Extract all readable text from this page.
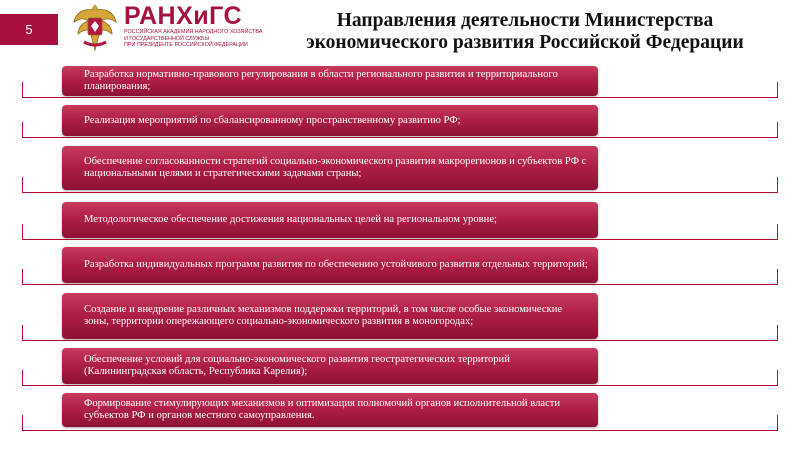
5	РАНХиГС
РОССИЙСКАЯ АКАДЕМИЯ НАРОДНОГО ХОЗЯЙСТВА
И ГОСУДАРСТВЕННОЙ СЛУЖБЫ
ПРИ ПРЕЗИДЕНТЕ РОССИЙСКОЙ ФЕДЕРАЦИИ
Направления деятельности Министерства
экономического развития Российской Федерации
Разработка нормативно-правового регулирования в области регионального развития и территориального планирования;
Реализация мероприятий по сбалансированному пространственному развитию РФ;
Обеспечение согласованности стратегий социально-экономического развития макрорегионов и субъектов РФ с национальными целями и стратегическими задачами страны;
Методологическое обеспечение достижения национальных целей на региональном уровне;
Разработка индивидуальных программ развития по обеспечению устойчивого развития отдельных территорий;
Создание и внедрение различных механизмов поддержки территорий, в том числе особые экономические зоны, территории опережающего социально-экономического развития в моногородах;
Обеспечение условий для социально-экономического развития геостратегических территорий (Калининградская область, Республика Карелия);
Формирование стимулирующих механизмов и оптимизация полномочий органов исполнительной власти субъектов РФ и органов местного самоуправления.
